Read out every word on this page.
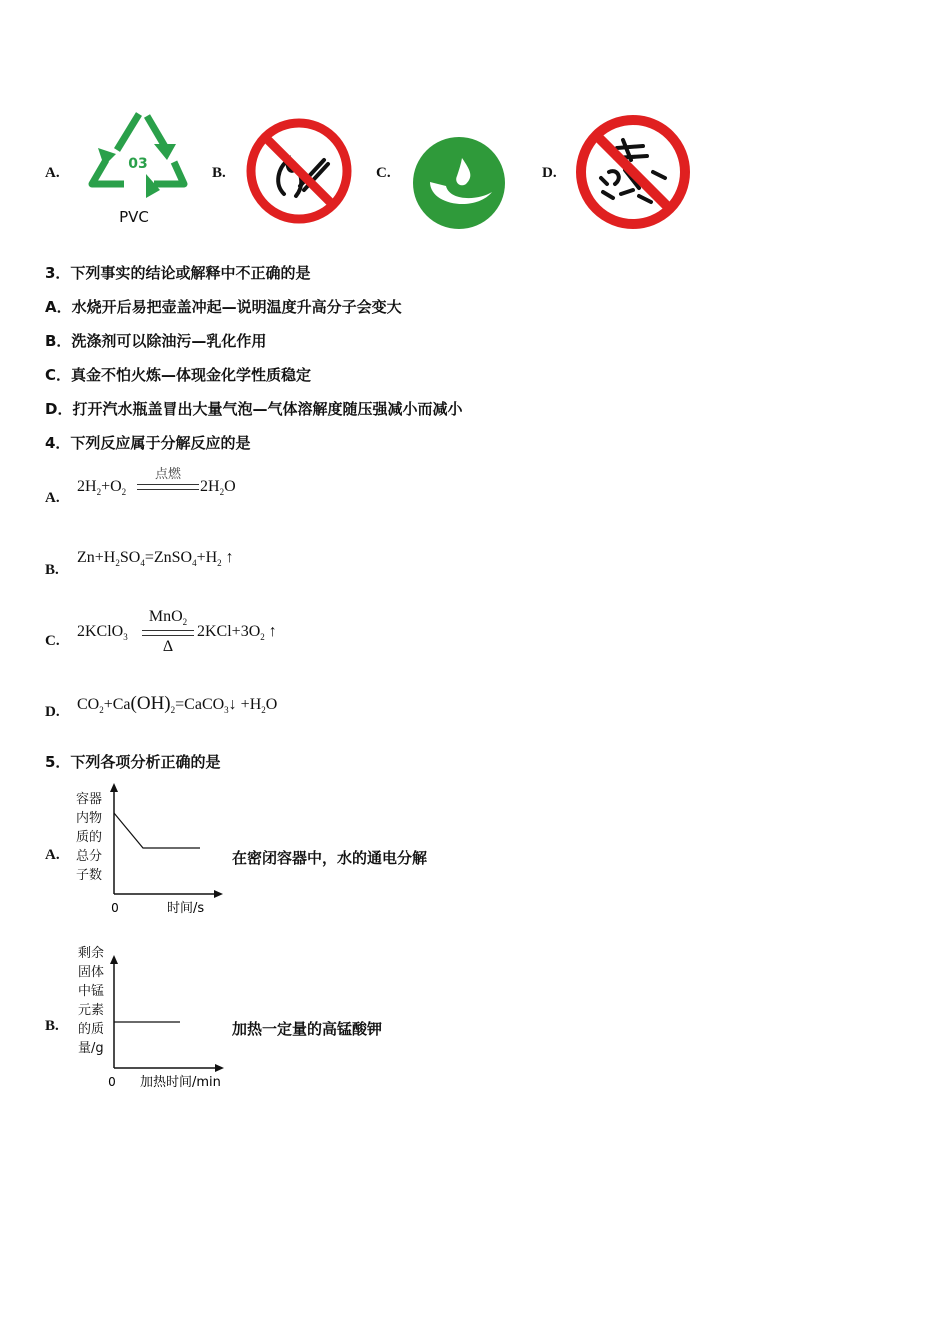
A.
03
PVC
B.	C.	D.
3．下列事实的结论或解释中不正确的是
A．水烧开后易把壶盖冲起—说明温度升高分子会变大
B．洗涤剂可以除油污—乳化作用
C．真金不怕火炼—体现金化学性质稳定
D．打开汽水瓶盖冒出大量气泡—气体溶解度随压强减小而减小
4．下列反应属于分解反应的是
A.
$2H_2+O_2$
点燃
$2H_2O$
B.
$Zn+H_2SO_4=ZnSO_4+H_2$ ↑
C.
2KClO$_3$
MnO$_2$
Δ
$2KCl+3O_2$ ↑
D. $CO_2+Ca(OH)_2=CaCO_3↓ +H_2O$
5．下列各项分析正确的是
A.
容器
内物
质的
总分
子数
0	时间/s
在密闭容器中，水的通电分解
B.
剩余
固体
中锰
元素
的质
量/g
0 加热时间/min
加热一定量的高锰酸钾
